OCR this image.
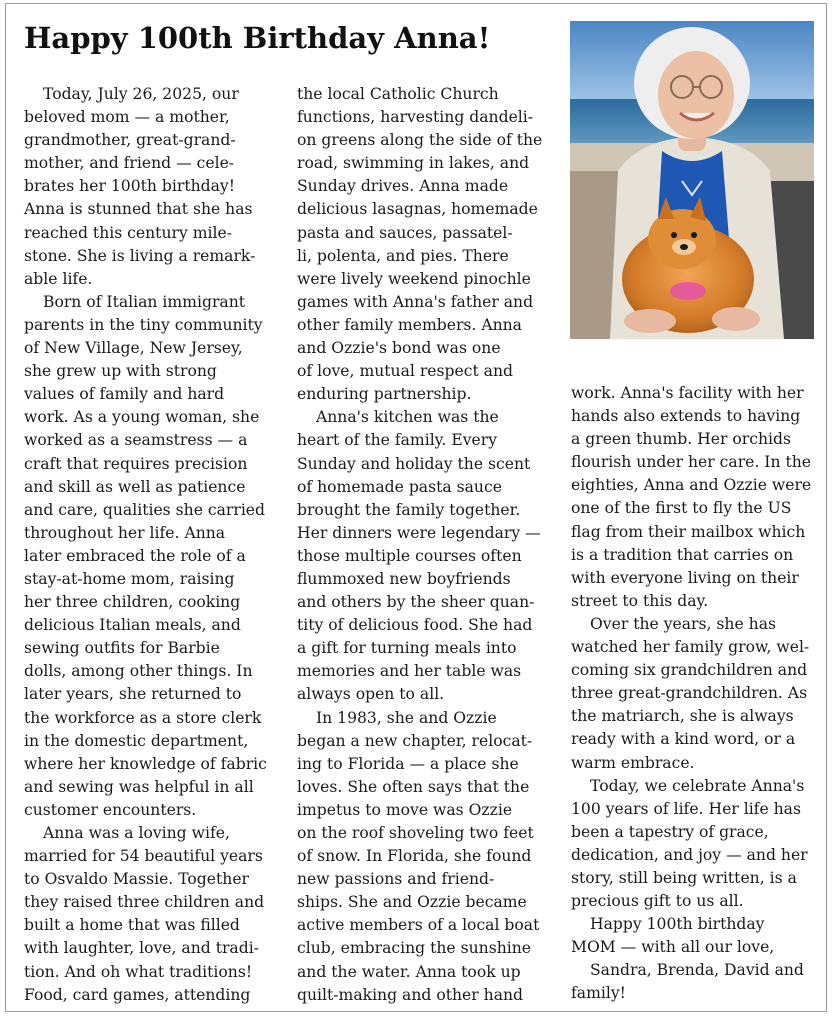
Happy 100th Birthday Anna!

Today, July 26, 2025, our
beloved mom — a mother,
grandmother, great-grand-
mother, and friend — cele-
brates her 100th birthday!
Anna is stunned that she has
reached this century mile-
stone. She is living a remark-
able life.

Born of Italian immigrant
parents in the tiny community
of New Village, New Jersey,
she grew up with strong
values of family and hard
work. As a young woman, she
worked as a seamstress — a
craft that requires precision
and skill as well as patience
and care, qualities she carried
throughout her life. Anna
later embraced the role of a
stay-at-home mom, raising
her three children, cooking
delicious Italian meals, and
sewing outfits for Barbie
dolls, among other things. In
later years, she returned to
the workforce as a store clerk
in the domestic department,
where her knowledge of fabric
and sewing was helpful in all
customer encounters.

Anna was a loving wife,
married for 54 beautiful years
to Osvaldo Massie. Together
they raised three children and
built a home that was filled
with laughter, love, and tradi-
tion. And oh what traditions!
Food, card games, attending

the local Catholic Church
functions, harvesting dandeli-
on greens along the side of the
road, swimming in lakes, and
Sunday drives. Anna made
delicious lasagnas, homemade
pasta and sauces, passatel-
li, polenta, and pies. There
were lively weekend pinochle
games with Anna's father and
other family members. Anna
and Ozzie's bond was one
of love, mutual respect and
enduring partnership.

Anna's kitchen was the
heart of the family. Every
Sunday and holiday the scent
of homemade pasta sauce
brought the family together.
Her dinners were legendary —
those multiple courses often
flummoxed new boyfriends
and others by the sheer quan-
tity of delicious food. She had
a gift for turning meals into
memories and her table was
always open to all.

In 1983, she and Ozzie
began a new chapter, relocat-
ing to Florida — a place she
loves. She often says that the
impetus to move was Ozzie
on the roof shoveling two feet
of snow. In Florida, she found
new passions and friend-
ships. She and Ozzie became
active members of a local boat
club, embracing the sunshine
and the water. Anna took up
quilt-making and other hand

work. Anna's facility with her
hands also extends to having
a green thumb. Her orchids
flourish under her care. In the
eighties, Anna and Ozzie were
one of the first to fly the US
flag from their mailbox which
is a tradition that carries on
with everyone living on their
street to this day.

Over the years, she has
watched her family grow, wel-
coming six grandchildren and
three great-grandchildren. As
the matriarch, she is always
ready with a kind word, or a
warm embrace.

Today, we celebrate Anna's
100 years of life. Her life has
been a tapestry of grace,
dedication, and joy — and her
story, still being written, is a
precious gift to us all.

Happy 100th birthday
MOM — with all our love,

Sandra, Brenda, David and
family!
